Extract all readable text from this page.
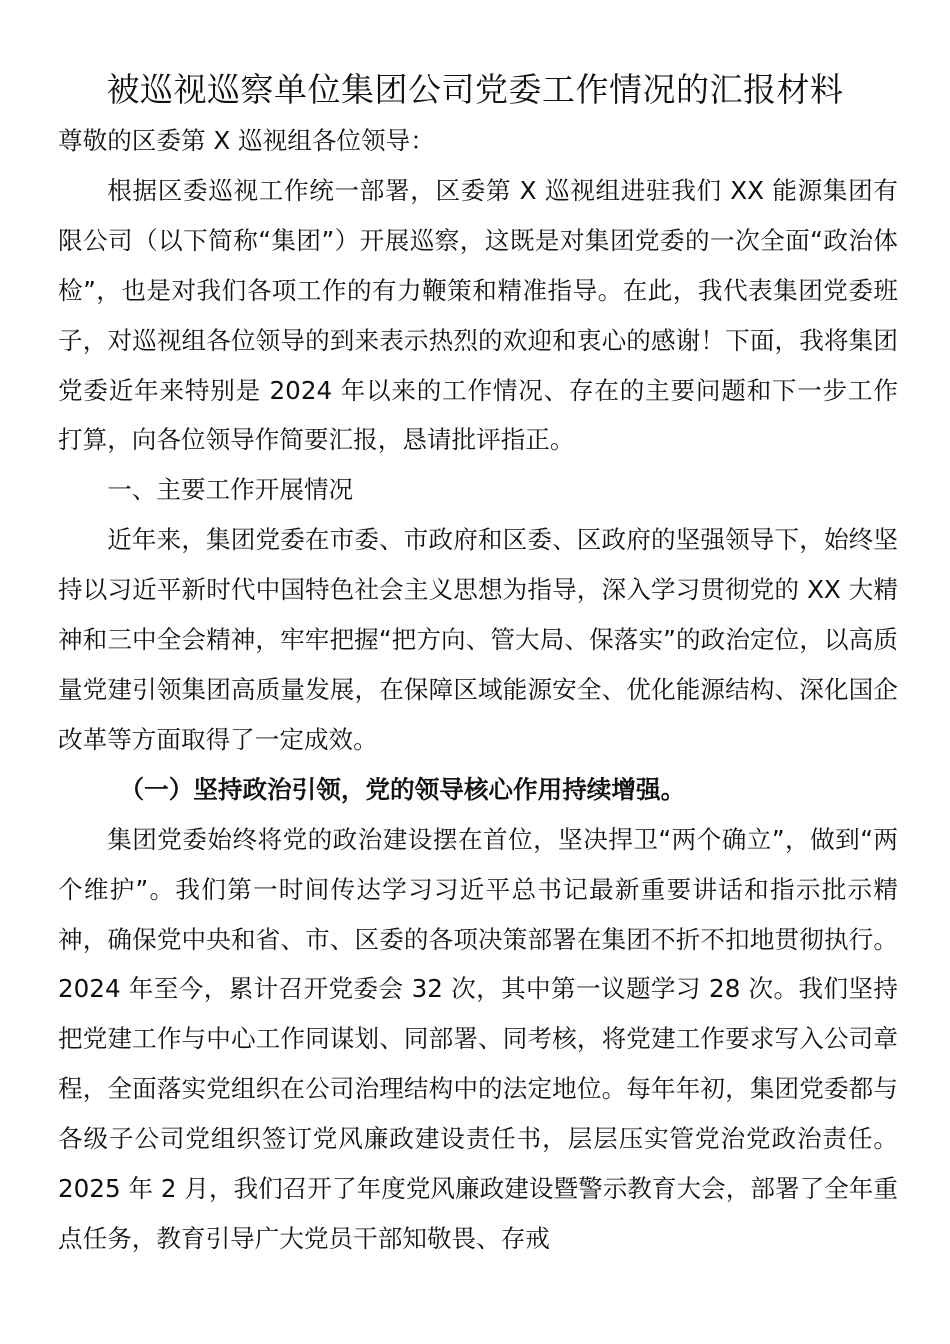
被巡视巡察单位集团公司党委工作情况的汇报材料

尊敬的区委第 X 巡视组各位领导：

根据区委巡视工作统一部署，区委第 X 巡视组进驻我们 XX 能源集团有限公司（以下简称“集团”）开展巡察，这既是对集团党委的一次全面“政治体检”，也是对我们各项工作的有力鞭策和精准指导。在此，我代表集团党委班子，对巡视组各位领导的到来表示热烈的欢迎和衷心的感谢！下面，我将集团党委近年来特别是 2024 年以来的工作情况、存在的主要问题和下一步工作打算，向各位领导作简要汇报，恳请批评指正。

一、主要工作开展情况

近年来，集团党委在市委、市政府和区委、区政府的坚强领导下，始终坚持以习近平新时代中国特色社会主义思想为指导，深入学习贯彻党的 XX 大精神和三中全会精神，牢牢把握“把方向、管大局、保落实”的政治定位，以高质量党建引领集团高质量发展，在保障区域能源安全、优化能源结构、深化国企改革等方面取得了一定成效。

（一）坚持政治引领，党的领导核心作用持续增强。

集团党委始终将党的政治建设摆在首位，坚决捍卫“两个确立”，做到“两个维护”。我们第一时间传达学习习近平总书记最新重要讲话和指示批示精神，确保党中央和省、市、区委的各项决策部署在集团不折不扣地贯彻执行。2024 年至今，累计召开党委会 32 次，其中第一议题学习 28 次。我们坚持把党建工作与中心工作同谋划、同部署、同考核，将党建工作要求写入公司章程，全面落实党组织在公司治理结构中的法定地位。每年年初，集团党委都与各级子公司党组织签订党风廉政建设责任书，层层压实管党治党政治责任。2025 年 2 月，我们召开了年度党风廉政建设暨警示教育大会，部署了全年重点任务，教育引导广大党员干部知敬畏、存戒
